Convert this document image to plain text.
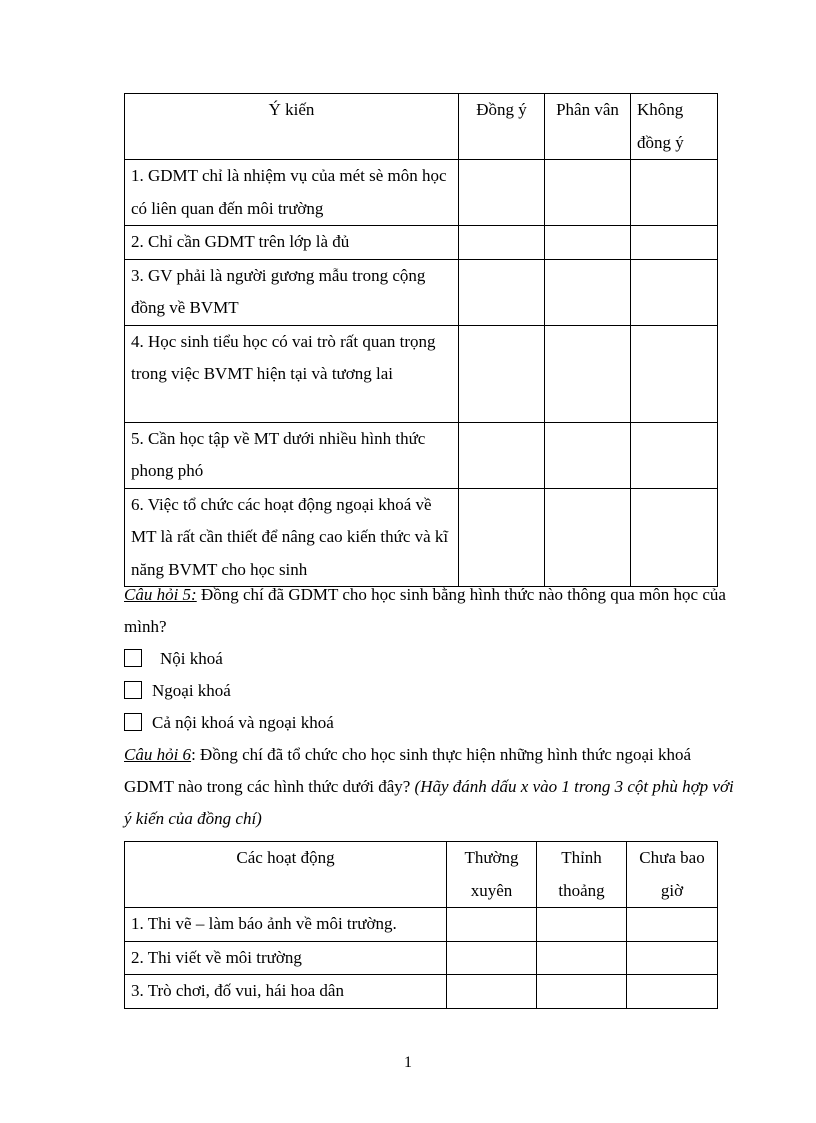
Ý kiến	Đồng ý	Phân vân	Không đồng ý
1. GDMT chỉ là nhiệm vụ của mét sè môn học có liên quan đến môi trường			
2. Chỉ cần GDMT trên lớp là đủ			
3. GV phải là người gương mẫu trong cộng đồng về BVMT			
4. Học sinh tiểu học có vai trò rất quan trọng trong việc BVMT hiện tại và tương lai			
5. Cần học tập về MT dưới nhiều hình thức phong phó			
6. Việc tổ chức các hoạt động ngoại khoá về MT là rất cần thiết để nâng cao kiến thức và kĩ năng BVMT cho học sinh			
Câu hỏi 5: Đồng chí đã GDMT cho học sinh bằng hình thức nào thông qua môn học của mình?
Nội khoá
Ngoại khoá
Cả nội khoá và ngoại khoá
Câu hỏi 6: Đồng chí đã tổ chức cho học sinh thực hiện những hình thức ngoại khoá GDMT nào trong các hình thức dưới đây? (Hãy đánh dấu x vào 1 trong 3 cột phù hợp với ý kiến của đồng chí)
Các hoạt động	Thường xuyên	Thỉnh thoảng	Chưa bao giờ
1. Thi vẽ – làm báo ảnh về môi trường.			
2. Thi viết về môi trường			
3. Trò chơi, đố vui, hái hoa dân			
1
